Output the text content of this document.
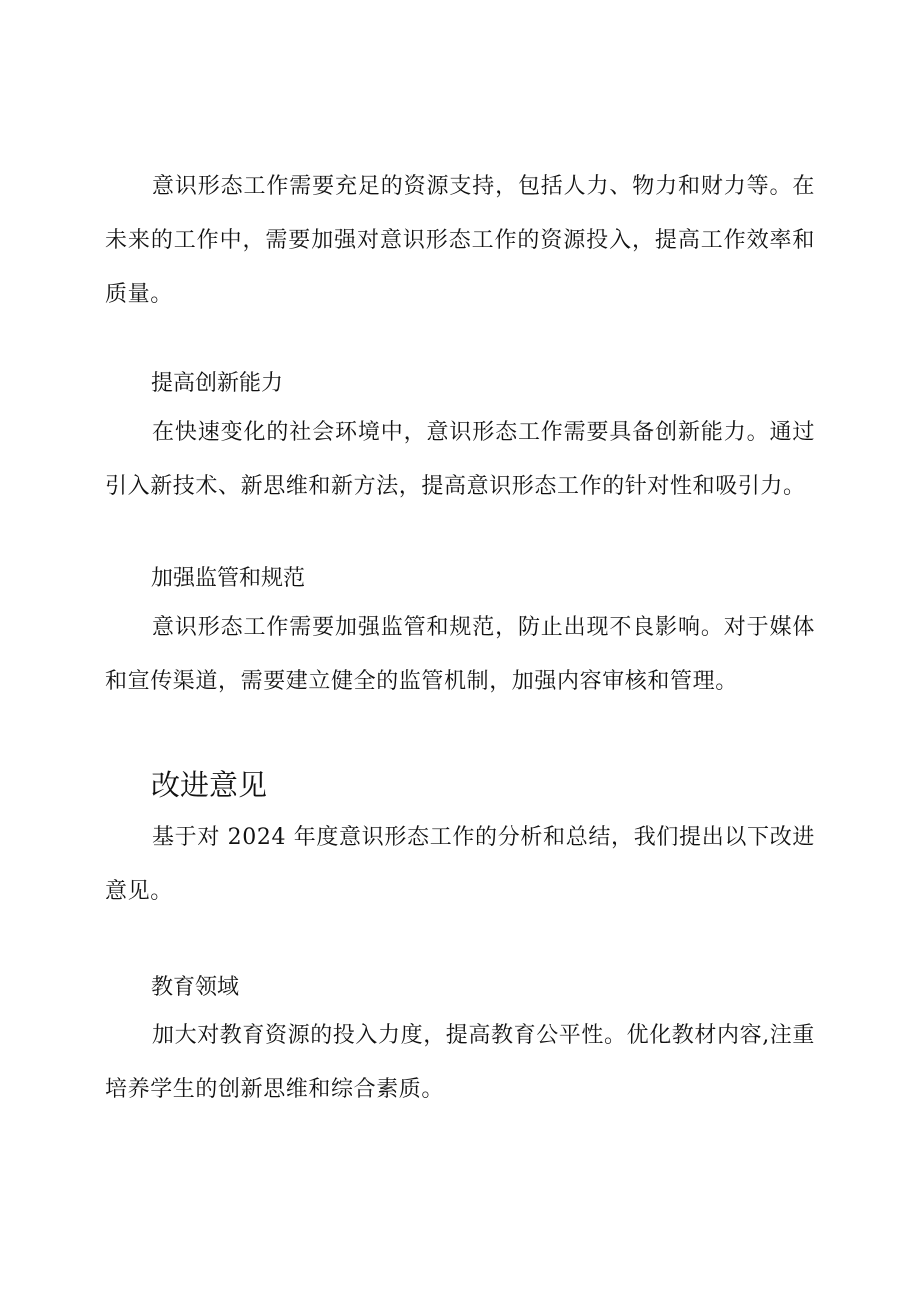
意识形态工作需要充足的资源支持，包括人力、物力和财力等。在未来的工作中，需要加强对意识形态工作的资源投入，提高工作效率和质量。

提高创新能力

在快速变化的社会环境中，意识形态工作需要具备创新能力。通过引入新技术、新思维和新方法，提高意识形态工作的针对性和吸引力。

加强监管和规范

意识形态工作需要加强监管和规范，防止出现不良影响。对于媒体和宣传渠道，需要建立健全的监管机制，加强内容审核和管理。

改进意见

基于对 2024 年度意识形态工作的分析和总结，我们提出以下改进意见。

教育领域

加大对教育资源的投入力度，提高教育公平性。优化教材内容,注重培养学生的创新思维和综合素质。
